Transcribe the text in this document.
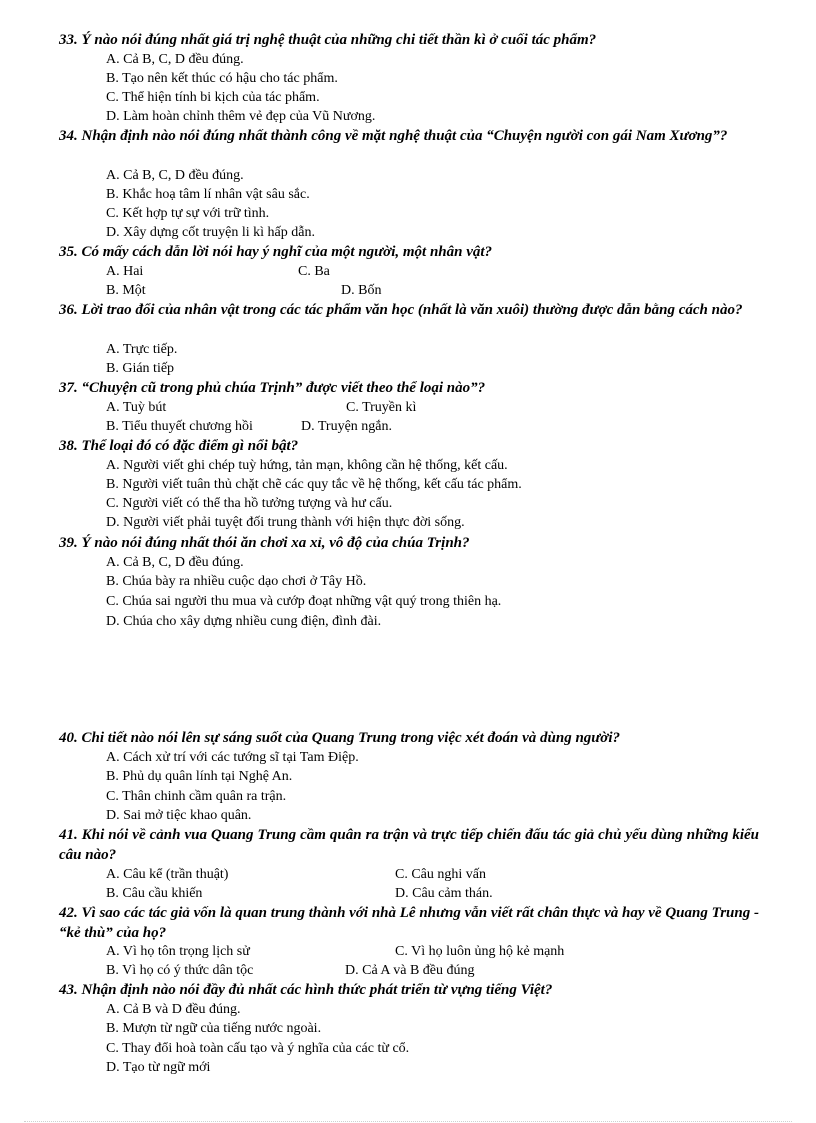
33. Ý nào nói đúng nhất giá trị nghệ thuật của những chi tiết thần kì ở cuối tác phẩm?
A. Cả B, C, D đều đúng.
B. Tạo nên kết thúc có hậu cho tác phẩm.
C. Thể hiện tính bi kịch của tác phẩm.
D. Làm hoàn chỉnh thêm vẻ đẹp của Vũ Nương.
34. Nhận định nào nói đúng nhất thành công về mặt nghệ thuật của “Chuyện người con gái Nam Xương”?
A. Cả B, C, D đều đúng.
B. Khắc hoạ tâm lí nhân vật sâu sắc.
C. Kết hợp tự sự với trữ tình.
D. Xây dựng cốt truyện li kì hấp dẫn.
35. Có mấy cách dẫn lời nói hay ý nghĩ của một người, một nhân vật?
A. Hai	C. Ba
B. Một	D. Bốn
36. Lời trao đổi của nhân vật trong các tác phẩm văn học (nhất là văn xuôi) thường được dẫn bằng cách nào?
A. Trực tiếp.
B. Gián tiếp
37. “Chuyện cũ trong phủ chúa Trịnh” được viết theo thể loại nào”?
A. Tuỳ bút	C. Truyền kì
B. Tiểu thuyết chương hồi	D. Truyện ngắn.
38. Thể loại đó có đặc điểm gì nổi bật?
A. Người viết ghi chép tuỳ hứng, tản mạn, không cần hệ thống, kết cấu.
B. Người viết tuân thủ chặt chẽ các quy tắc về hệ thống, kết cấu tác phẩm.
C. Người viết có thể tha hồ tưởng tượng và hư cấu.
D. Người viết phải tuyệt đối trung thành với hiện thực đời sống.
39. Ý nào nói đúng nhất thói ăn chơi xa xỉ, vô độ của chúa Trịnh?
A. Cả B, C, D đều đúng.
B. Chúa bày ra nhiều cuộc dạo chơi ở Tây Hồ.
C. Chúa sai người thu mua và cướp đoạt những vật quý trong thiên hạ.
D. Chúa cho xây dựng nhiều cung điện, đình đài.
40. Chi tiết nào nói lên sự sáng suốt của Quang Trung trong việc xét đoán và dùng người?
A. Cách xử trí với các tướng sĩ tại Tam Điệp.
B. Phủ dụ quân lính tại Nghệ An.
C. Thân chinh cầm quân ra trận.
D. Sai mở tiệc khao quân.
41. Khi nói về cảnh vua Quang Trung cầm quân ra trận và trực tiếp chiến đấu tác giả chủ yếu dùng những kiểu câu nào?
A. Câu kể (trần thuật)	C. Câu nghi vấn
B. Câu cầu khiến	D. Câu cảm thán.
42. Vì sao các tác giả vốn là quan trung thành với nhà Lê nhưng vẫn viết rất chân thực và hay về Quang Trung - “kẻ thù” của họ?
A. Vì họ tôn trọng lịch sử	C. Vì họ luôn ủng hộ kẻ mạnh
B. Vì họ có ý thức dân tộc	D. Cả A và B đều đúng
43. Nhận định nào nói đầy đủ nhất các hình thức phát triển từ vựng tiếng Việt?
A. Cả B và D đều đúng.
B. Mượn từ ngữ của tiếng nước ngoài.
C. Thay đổi hoà toàn cấu tạo và ý nghĩa của các từ cổ.
D. Tạo từ ngữ mới
